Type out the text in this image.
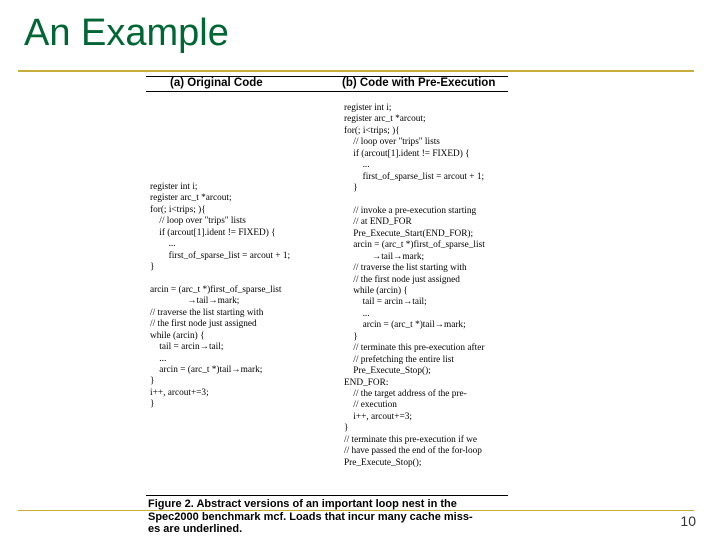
An Example
(a) Original Code	(b) Code with Pre-Execution
register int i;
register arc_t *arcout;
for(; i<trips; ){
// loop over "trips" lists
if (arcout[1].ident != FIXED) {
...
first_of_sparse_list = arcout + 1;
}

arcin = (arc_t *)first_of_sparse_list
→tail→mark;
// traverse the list starting with
// the first node just assigned
while (arcin) {
tail = arcin→tail;
...
arcin = (arc_t *)tail→mark;
}
i++, arcout+=3;
}
register int i;
register arc_t *arcout;
for(; i<trips; ){
// loop over "trips" lists
if (arcout[1].ident != FIXED) {
...
first_of_sparse_list = arcout + 1;
}

// invoke a pre-execution starting
// at END_FOR
Pre_Execute_Start(END_FOR);
arcin = (arc_t *)first_of_sparse_list
→tail→mark;
// traverse the list starting with
// the first node just assigned
while (arcin) {
tail = arcin→tail;
...
arcin = (arc_t *)tail→mark;
}
// terminate this pre-execution after
// prefetching the entire list
Pre_Execute_Stop();
END_FOR:
// the target address of the pre-
// execution
i++, arcout+=3;
}
// terminate this pre-execution if we
// have passed the end of the for-loop
Pre_Execute_Stop();
Figure 2. Abstract versions of an important loop nest in the
Spec2000 benchmark mcf. Loads that incur many cache miss-
es are underlined.	10
